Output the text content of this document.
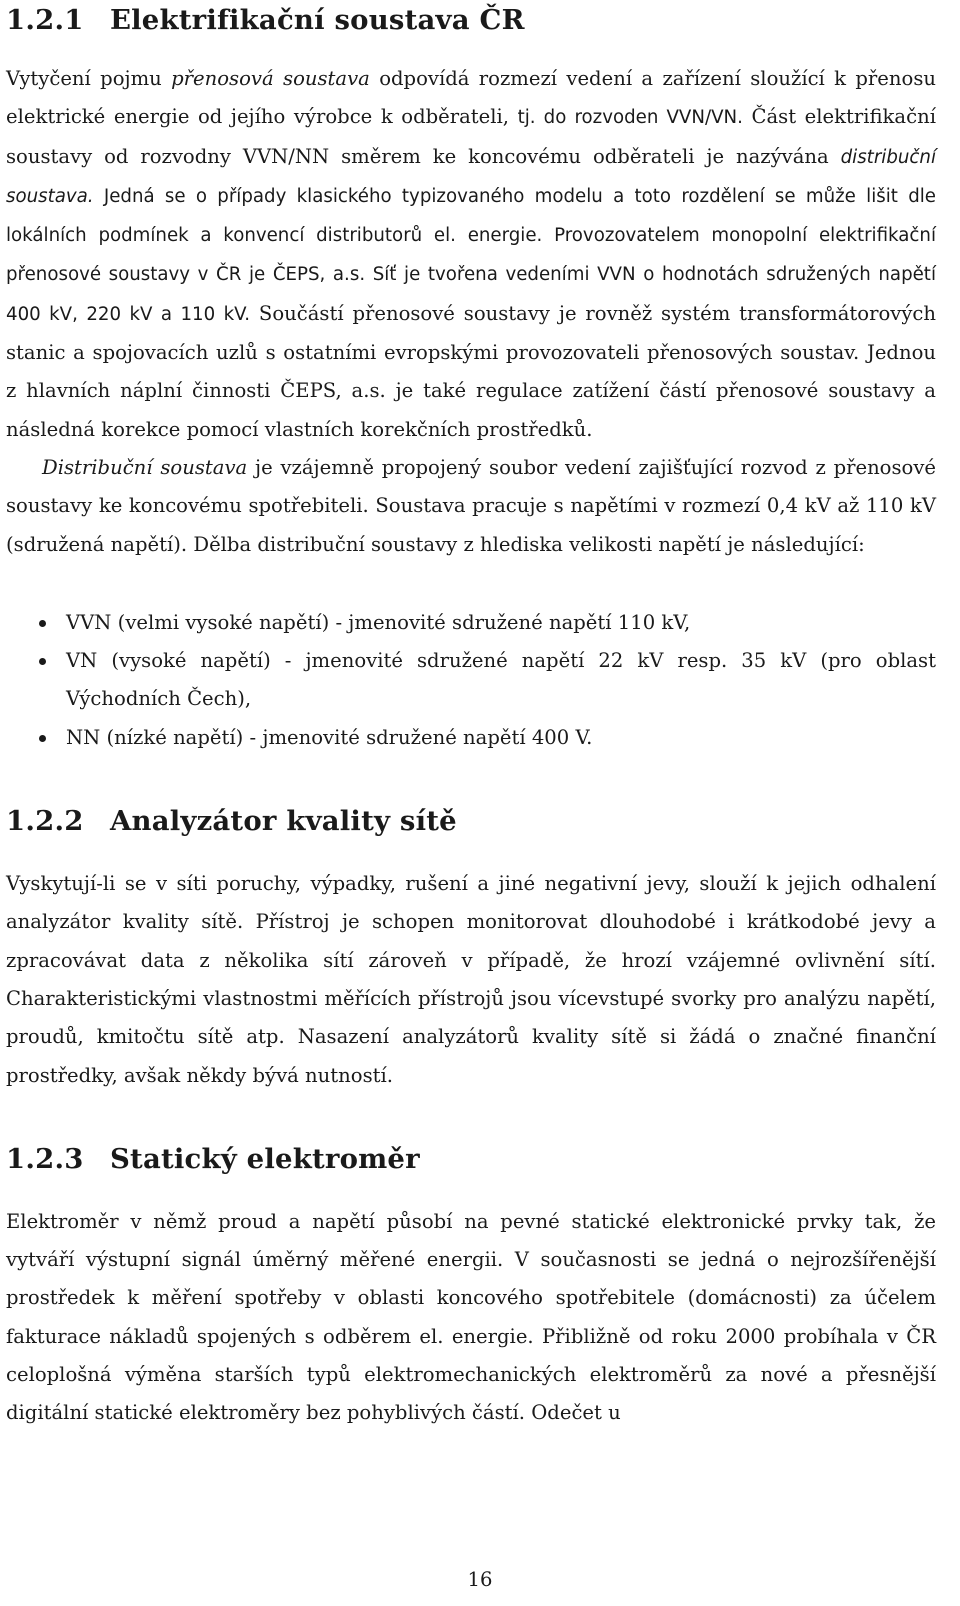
1.2.1 Elektrifikační soustava ČR

Vytyčení pojmu přenosová soustava odpovídá rozmezí vedení a zařízení sloužící k přenosu elektrické energie od jejího výrobce k odběrateli, tj. do rozvoden VVN/VN. Část elektrifikační soustavy od rozvodny VVN/NN směrem ke koncovému odběrateli je nazývána distribuční soustava. Jedná se o případy klasického typizovaného modelu a toto rozdělení se může lišit dle lokálních podmínek a konvencí distributorů el. energie. Provozovatelem monopolní elektrifikační přenosové soustavy v ČR je ČEPS, a.s. Síť je tvořena vedeními VVN o hodnotách sdružených napětí 400 kV, 220 kV a 110 kV. Součástí přenosové soustavy je rovněž systém transformátorových stanic a spojovacích uzlů s ostatními evropskými provozovateli přenosových soustav. Jednou z hlavních náplní činnosti ČEPS, a.s. je také regulace zatížení částí přenosové soustavy a následná korekce pomocí vlastních korekčních prostředků.

Distribuční soustava je vzájemně propojený soubor vedení zajišťující rozvod z přenosové soustavy ke koncovému spotřebiteli. Soustava pracuje s napětími v rozmezí 0,4 kV až 110 kV (sdružená napětí). Dělba distribuční soustavy z hlediska velikosti napětí je následující:

VVN (velmi vysoké napětí) - jmenovité sdružené napětí 110 kV,
VN (vysoké napětí) - jmenovité sdružené napětí 22 kV resp. 35 kV (pro oblast Východních Čech),
NN (nízké napětí) - jmenovité sdružené napětí 400 V.
1.2.2 Analyzátor kvality sítě

Vyskytují-li se v síti poruchy, výpadky, rušení a jiné negativní jevy, slouží k jejich odhalení analyzátor kvality sítě. Přístroj je schopen monitorovat dlouhodobé i krátkodobé jevy a zpracovávat data z několika sítí zároveň v případě, že hrozí vzájemné ovlivnění sítí. Charakteristickými vlastnostmi měřících přístrojů jsou vícevstupé svorky pro analýzu napětí, proudů, kmitočtu sítě atp. Nasazení analyzátorů kvality sítě si žádá o značné finanční prostředky, avšak někdy bývá nutností.

1.2.3 Statický elektroměr

Elektroměr v němž proud a napětí působí na pevné statické elektronické prvky tak, že vytváří výstupní signál úměrný měřené energii. V současnosti se jedná o nejrozšířenější prostředek k měření spotřeby v oblasti koncového spotřebitele (domácnosti) za účelem fakturace nákladů spojených s odběrem el. energie. Přibližně od roku 2000 probíhala v ČR celoplošná výměna starších typů elektromechanických elektroměrů za nové a přesnější digitální statické elektroměry bez pohyblivých částí. Odečet u

16
